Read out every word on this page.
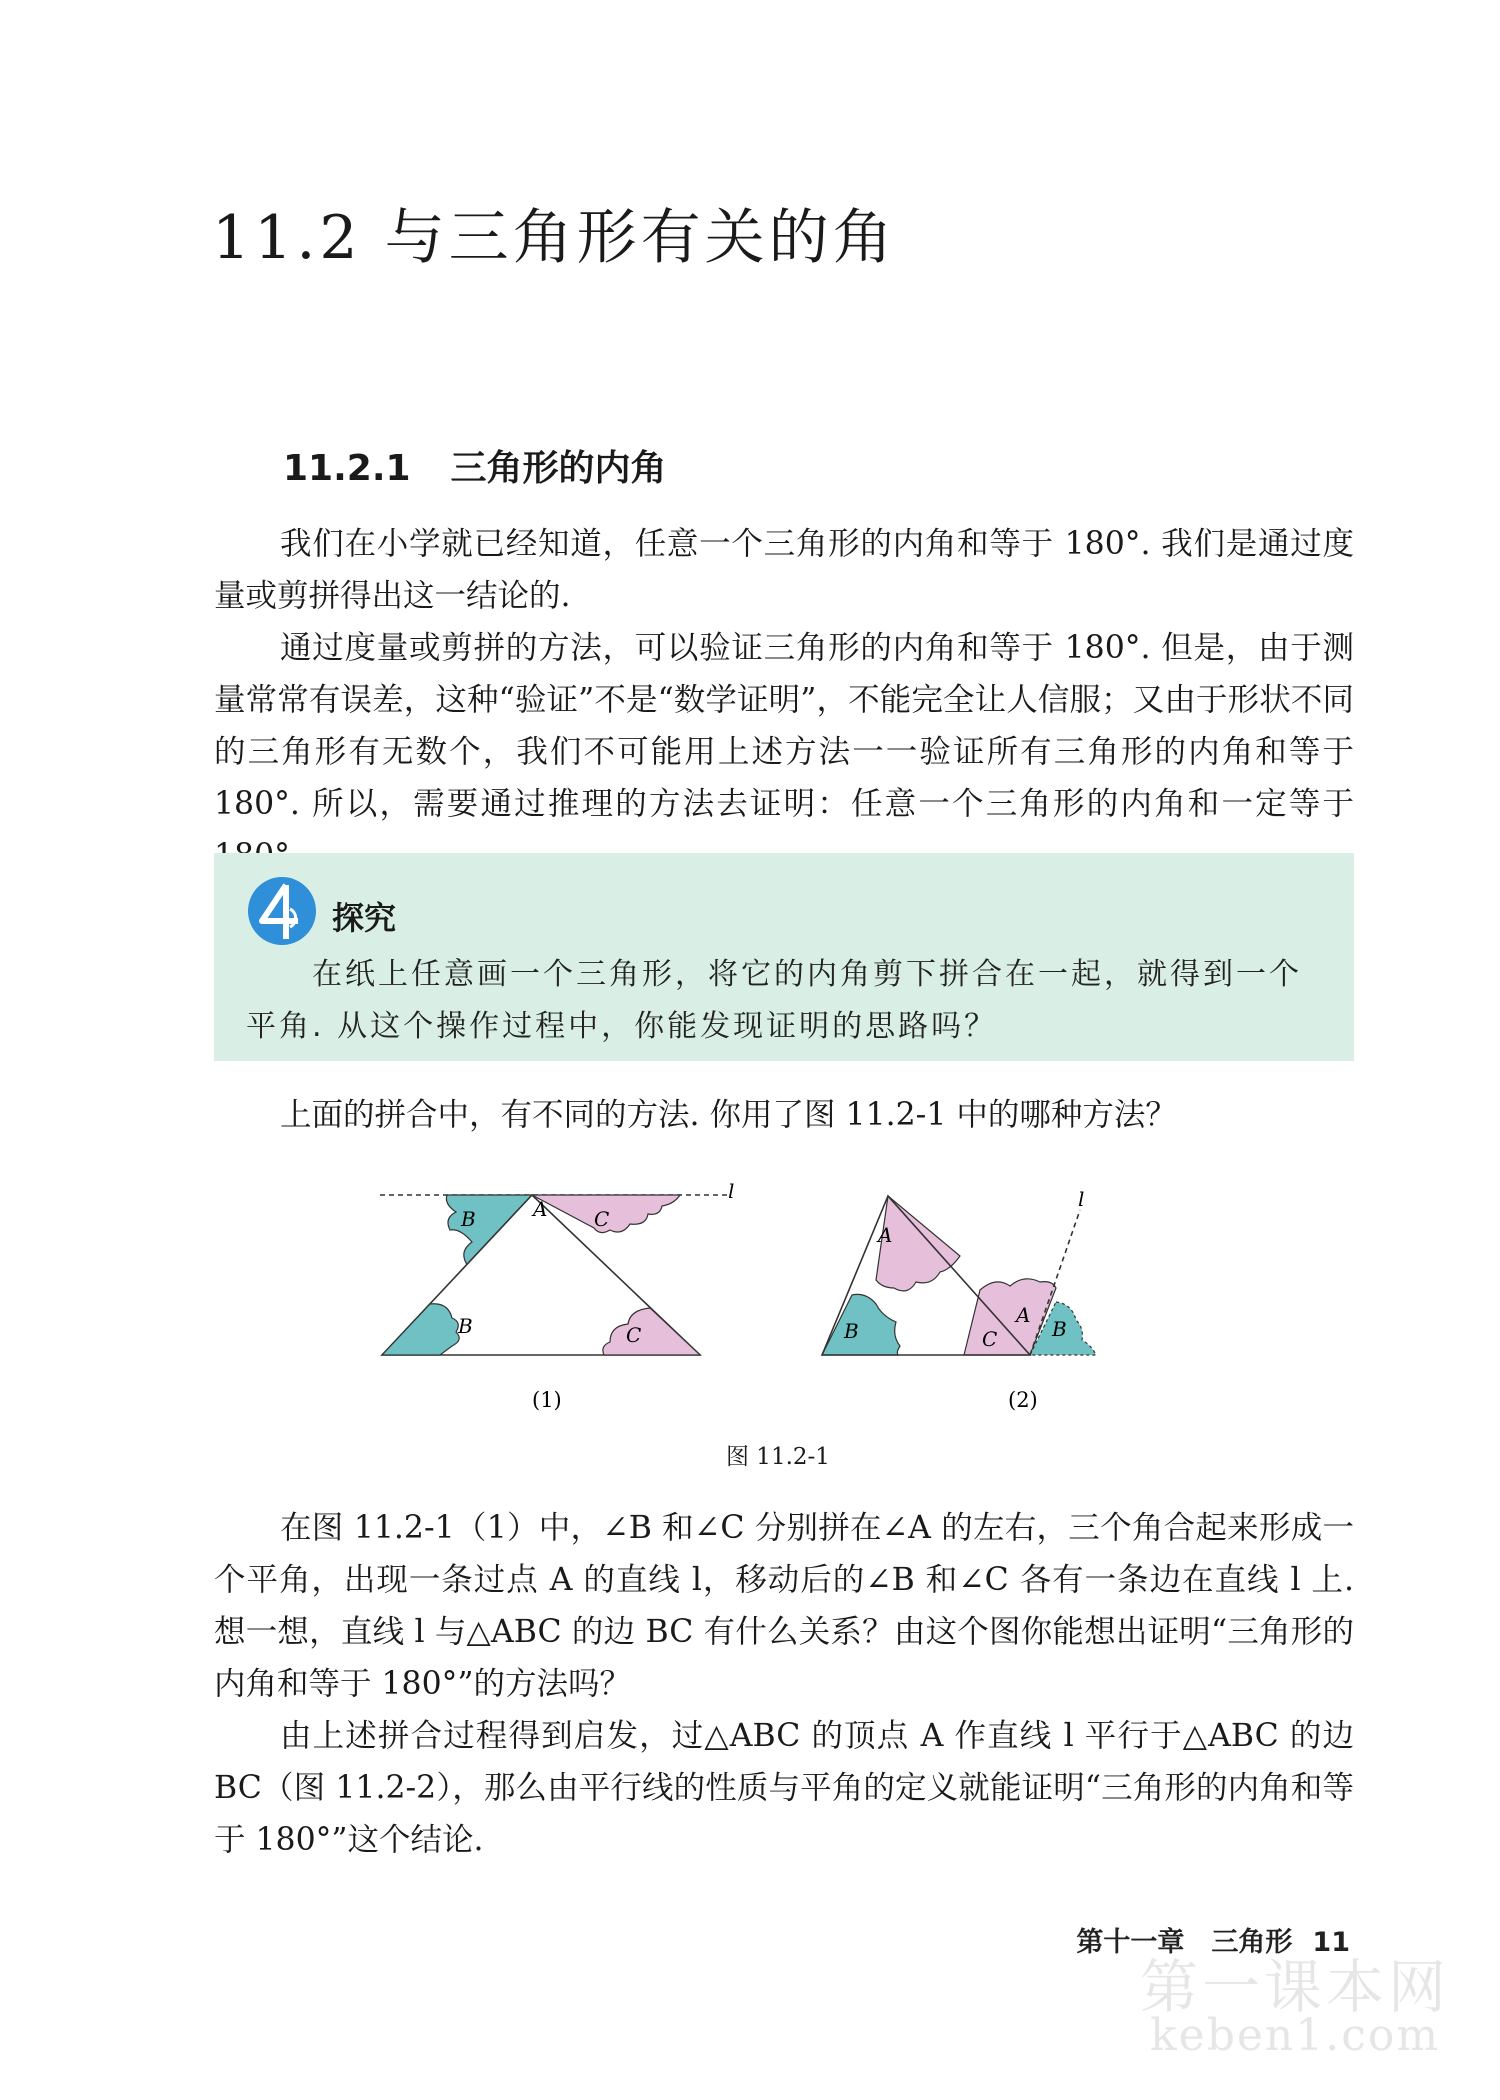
11.2 与三角形有关的角
11.2.1 三角形的内角

我们在小学就已经知道，任意一个三角形的内角和等于 180°. 我们是通过度量或剪拼得出这一结论的.

通过度量或剪拼的方法，可以验证三角形的内角和等于 180°. 但是，由于测量常常有误差，这种“验证”不是“数学证明”，不能完全让人信服；又由于形状不同的三角形有无数个，我们不可能用上述方法一一验证所有三角形的内角和等于 180°. 所以，需要通过推理的方法去证明：任意一个三角形的内角和一定等于

探究
在纸上任意画一个三角形，将它的内角剪下拼合在一起，就得到一个
平角. 从这个操作过程中，你能发现证明的思路吗？
上面的拼合中，有不同的方法. 你用了图 11.2-1 中的哪种方法？
A
B	C
l
B	C
A
B	C
A
B
l
(1)	(2)
图 11.2-1

在图 11.2-1（1）中，∠B 和∠C 分别拼在∠A 的左右，三个角合起来形成一个平角，出现一条过点 A 的直线 l，移动后的∠B 和∠C 各有一条边在直线 l 上. 想一想，直线 l 与△ABC 的边 BC 有什么关系？由这个图你能想出证明“三角形的内角和等于 180°”的方法吗？

由上述拼合过程得到启发，过△ABC 的顶点 A 作直线 l 平行于△ABC 的边 BC（图 11.2-2），那么由平行线的性质与平角的定义就能证明“三角形的内角和等于 180°”这个结论.

第十一章　三角形 11
第一课本网
keben1.com
